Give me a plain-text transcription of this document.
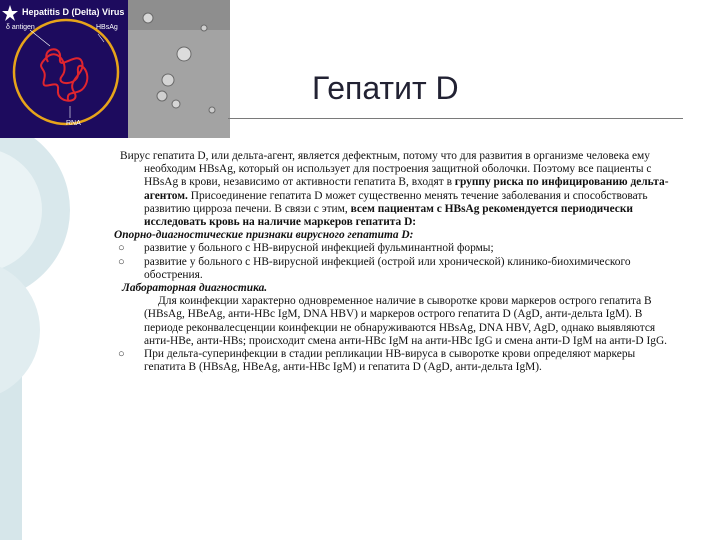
Hepatitis D (Delta) Virus
δ antigen	HBsAg
RNA
Гепатит D

Вирус гепатита D, или дельта-агент, является дефектным, потому что для развития в организме человека ему необходим HBsAg, который он использует для построения защитной оболочки. Поэтому все пациенты с HBsAg в крови, независимо от активности гепатита В, входят в группу риска по инфицированию дельта-агентом. Присоединение гепатита D может существенно менять течение заболевания и способствовать развитию цирроза печени. В связи с этим, всем пациентам с HBsAg рекомендуется периодически исследовать кровь на наличие маркеров гепатита D:

Опорно-диагностические признаки вирусного гепатита D:

○ развитие у больного с HB-вирусной инфекцией фульминантной формы;

○ развитие у больного с HB-вирусной инфекцией (острой или хронической) клинико-биохимического обострения.

Лабораторная диагностика.

Для коинфекции характерно одновременное наличие в сыворотке крови маркеров острого гепатита В (HBsAg, HBeAg, анти-HBc IgM, DNA HBV) и маркеров острого гепатита D (AgD, анти-дельта IgM). В периоде реконвалесценции коинфекции не обнаруживаются HBsAg, DNA HBV, AgD, однако выявляются анти-HBe, анти-HBs; происходит смена анти-HBc IgM на анти-HBc IgG и смена анти-D IgM на анти-D IgG.

○ При дельта-суперинфекции в стадии репликации HB-вируса в сыворотке крови определяют маркеры гепатита В (HBsAg, HBeAg, анти-HBc IgM) и гепатита D (AgD, анти-дельта IgM).
